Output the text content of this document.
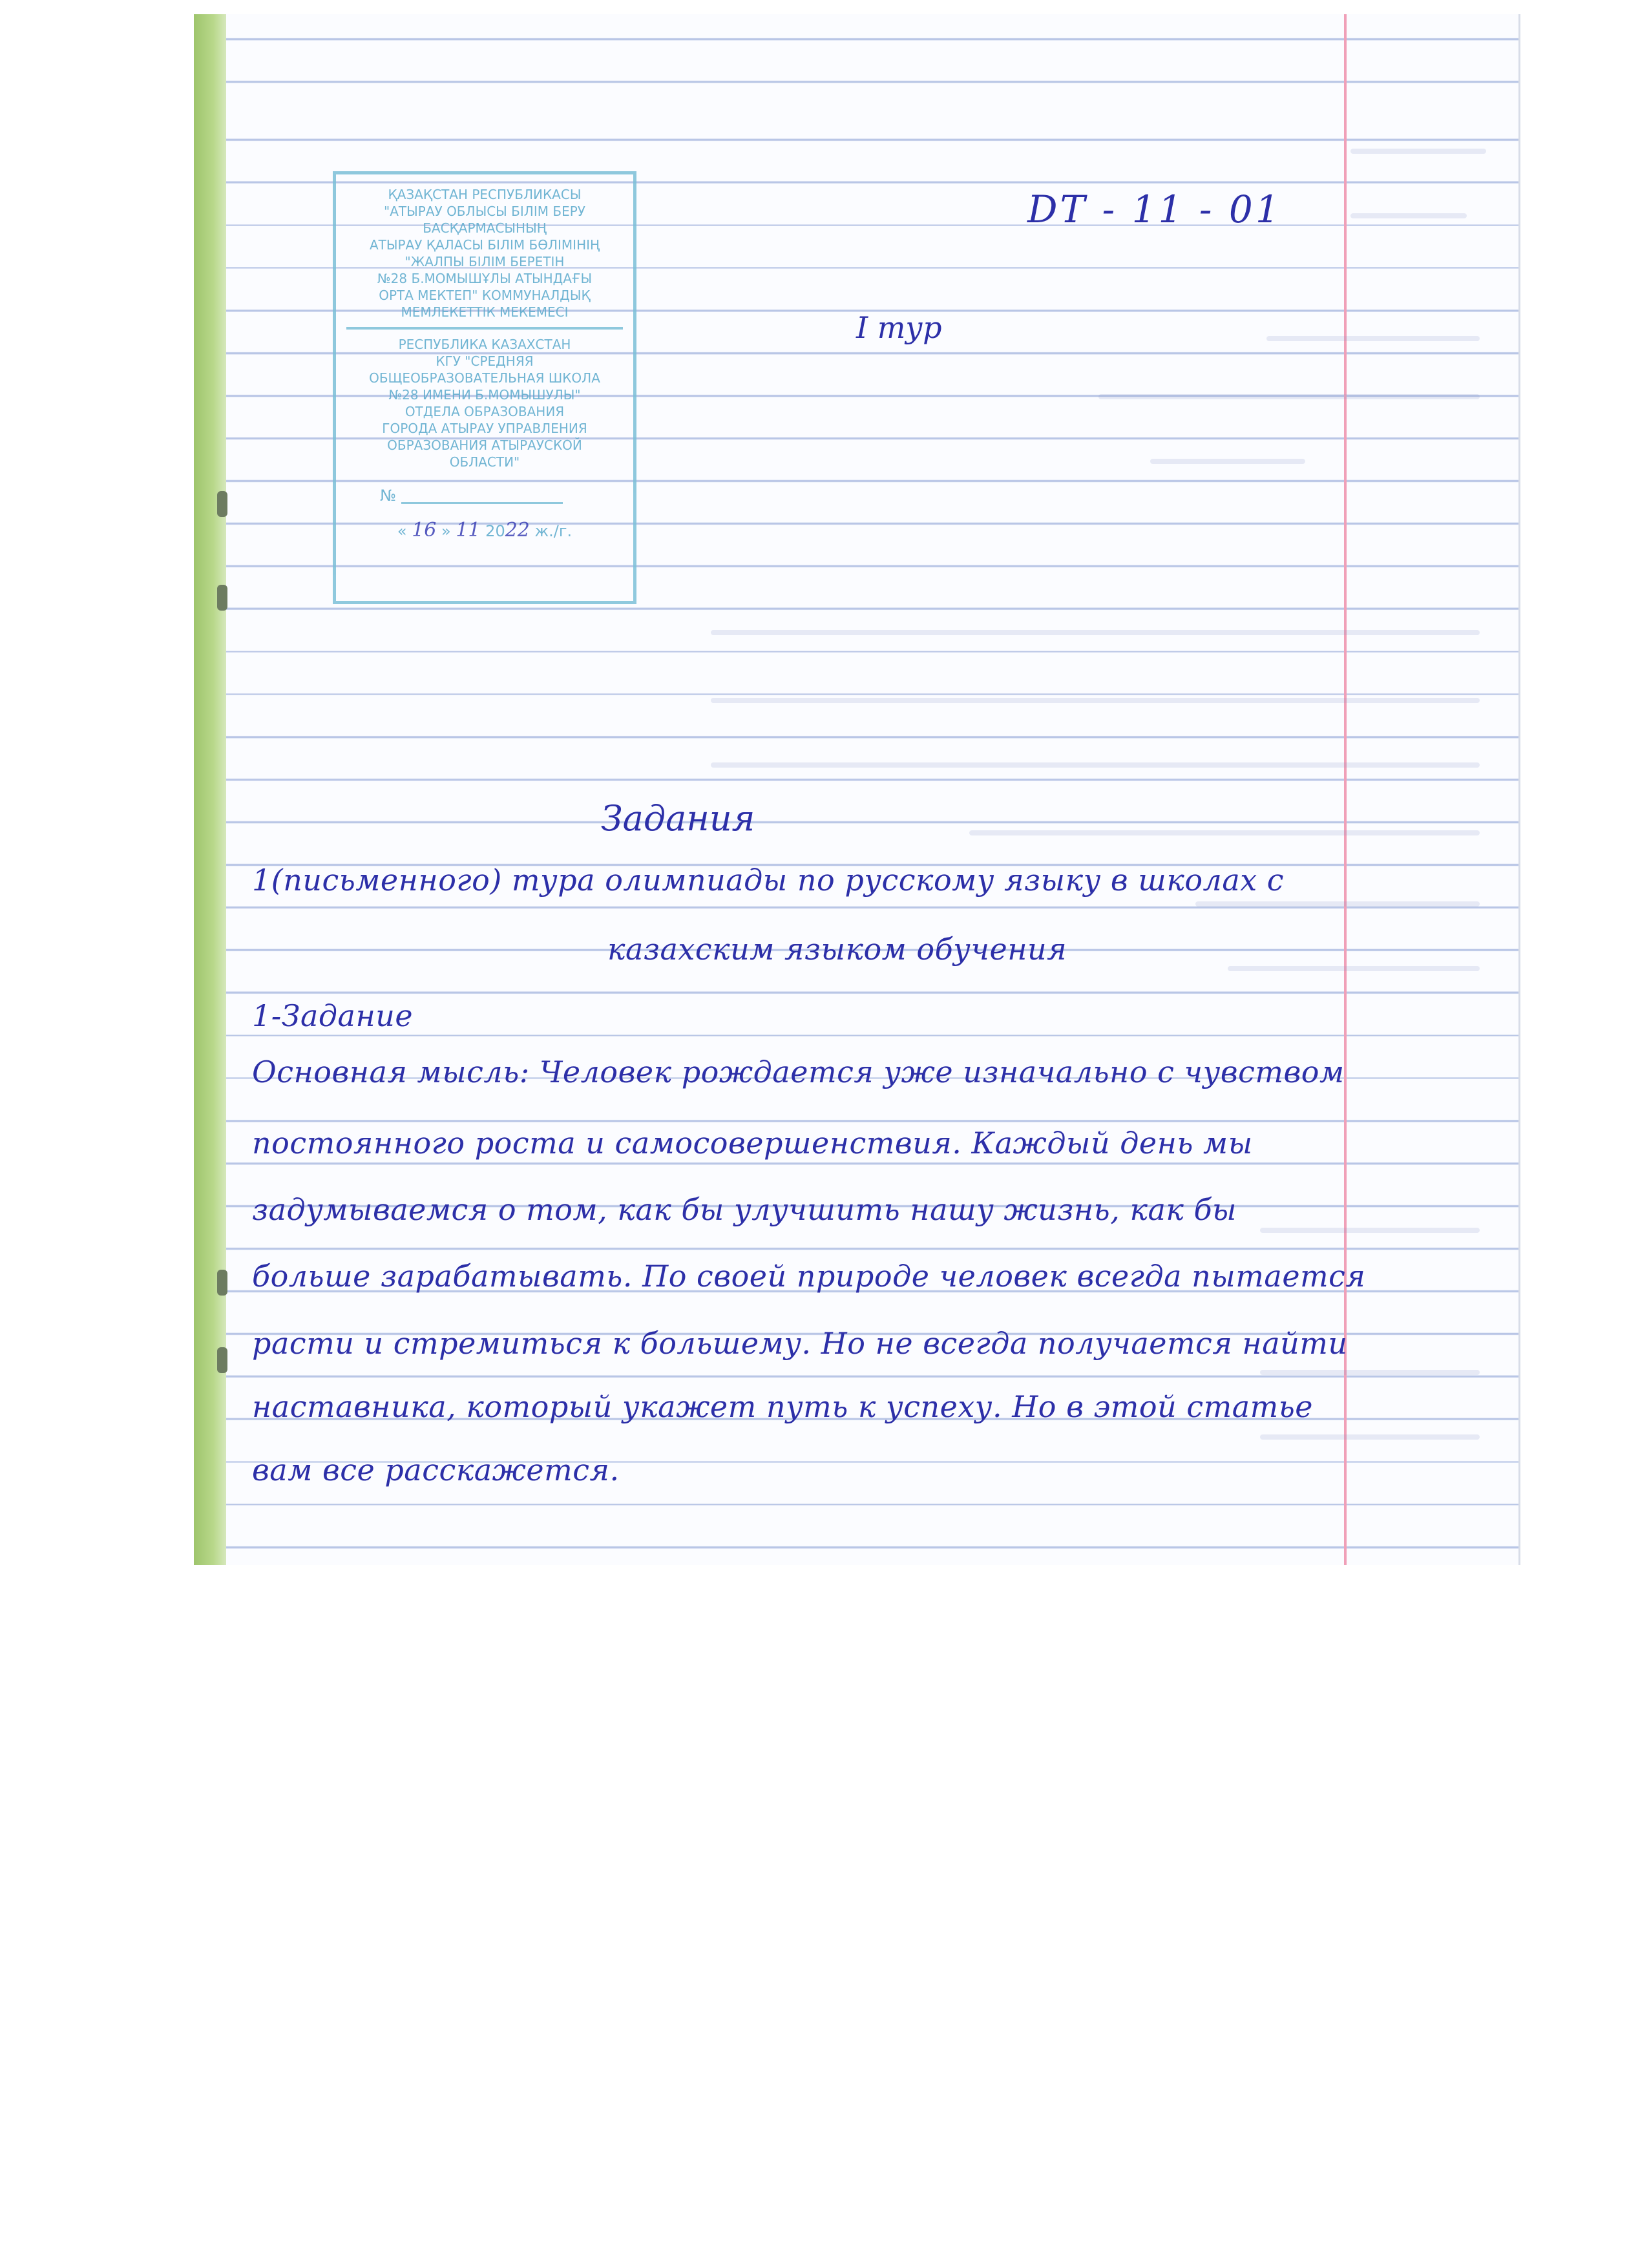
ҚАЗАҚСТАН РЕСПУБЛИКАСЫ
"АТЫРАУ ОБЛЫСЫ БІЛІМ БЕРУ
БАСҚАРМАСЫНЫҢ
АТЫРАУ ҚАЛАСЫ БІЛІМ БӨЛІМІНІҢ
"ЖАЛПЫ БІЛІМ БЕРЕТІН
№28 Б.МОМЫШҰЛЫ АТЫНДАҒЫ
ОРТА МЕКТЕП" КОММУНАЛДЫҚ
МЕМЛЕКЕТТІК МЕКЕМЕСІ
РЕСПУБЛИКА КАЗАХСТАН
КГУ "СРЕДНЯЯ
ОБЩЕОБРАЗОВАТЕЛЬНАЯ ШКОЛА
№28 ИМЕНИ Б.МОМЫШУЛЫ"
ОТДЕЛА ОБРАЗОВАНИЯ
ГОРОДА АТЫРАУ УПРАВЛЕНИЯ
ОБРАЗОВАНИЯ АТЫРАУСКОЙ
ОБЛАСТИ"
№
« 16 » 11 2022 ж./г.
DT - 11 - 01
I тур
Задания
1(письменного) тура олимпиады по русскому языку в школах с
казахским языком обучения
1-Задание
Основная мысль: Человек рождается уже изначально с чувством
постоянного роста и самосовершенствия. Каждый день мы
задумываемся о том, как бы улучшить нашу жизнь, как бы
больше зарабатывать. По своей природе человек всегда пытается
расти и стремиться к большему. Но не всегда получается найти
наставника, который укажет путь к успеху. Но в этой статье
вам все расскажется.
